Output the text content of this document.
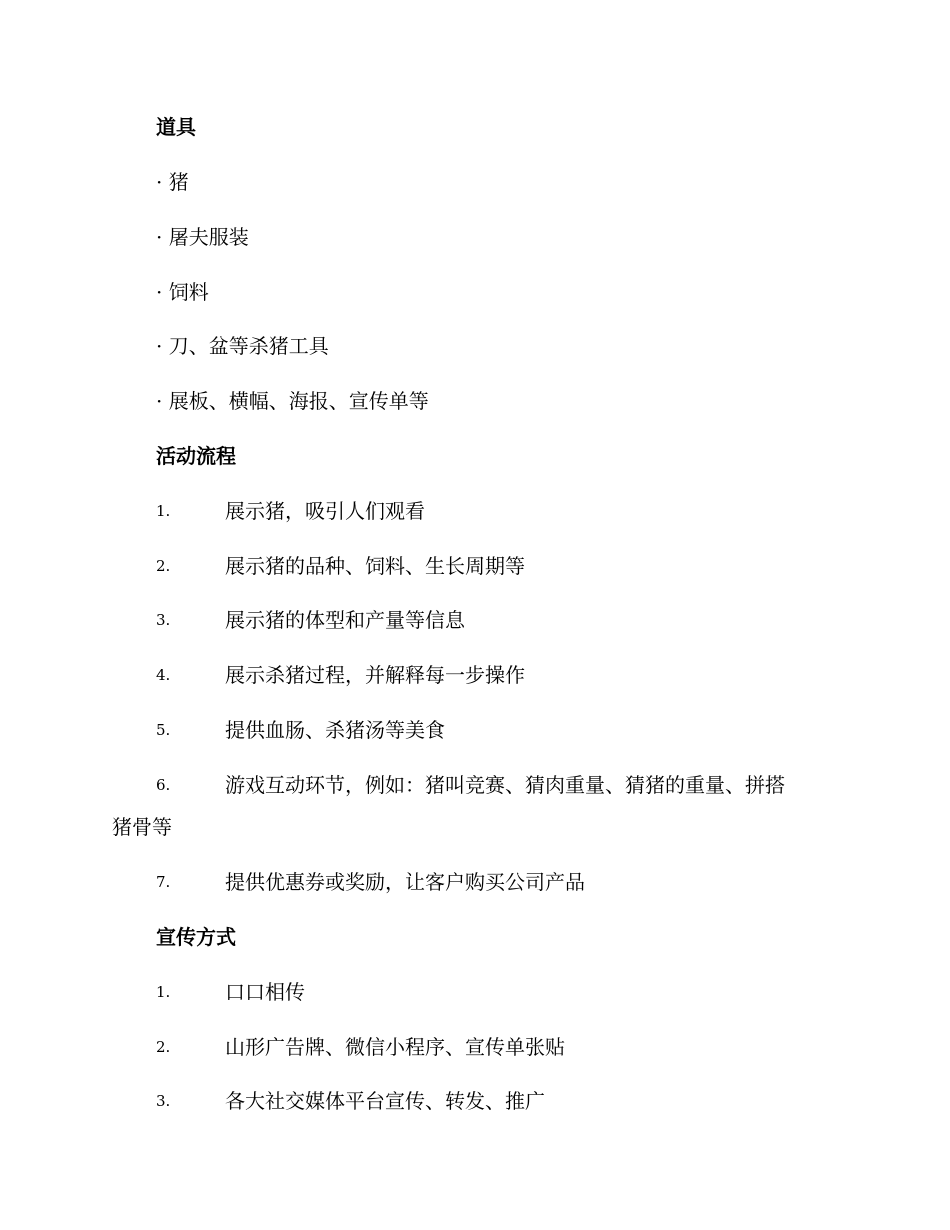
道具
· 猪
· 屠夫服装
· 饲料
· 刀、盆等杀猪工具
· 展板、横幅、海报、宣传单等
活动流程
1.	展示猪，吸引人们观看
2.	展示猪的品种、饲料、生长周期等
3.	展示猪的体型和产量等信息
4.	展示杀猪过程，并解释每一步操作
5.	提供血肠、杀猪汤等美食
6.	游戏互动环节，例如：猪叫竞赛、猜肉重量、猜猪的重量、拼搭
猪骨等
7.	提供优惠券或奖励，让客户购买公司产品
宣传方式
1.	口口相传
2.	山形广告牌、微信小程序、宣传单张贴
3.	各大社交媒体平台宣传、转发、推广
